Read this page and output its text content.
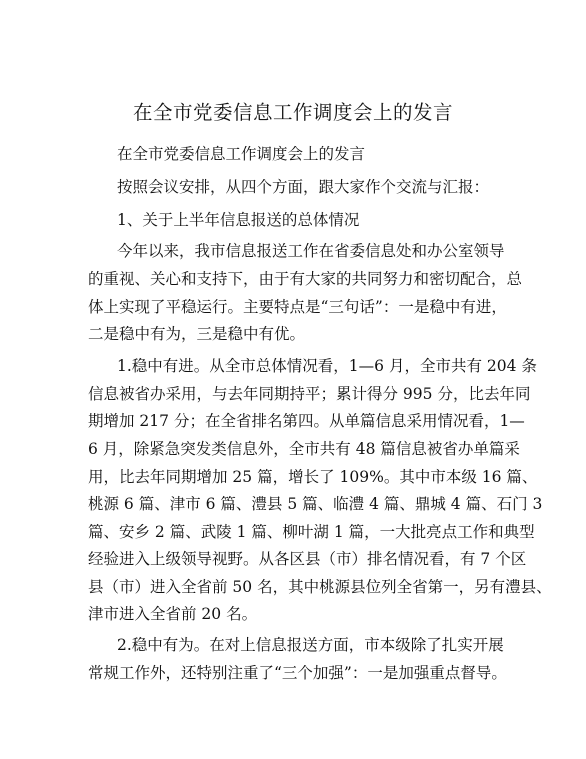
在全市党委信息工作调度会上的发言
在全市党委信息工作调度会上的发言
按照会议安排，从四个方面，跟大家作个交流与汇报：
1、关于上半年信息报送的总体情况
今年以来，我市信息报送工作在省委信息处和办公室领导
的重视、关心和支持下，由于有大家的共同努力和密切配合，总
体上实现了平稳运行。主要特点是“三句话”：一是稳中有进，
二是稳中有为，三是稳中有优。
1.稳中有进。从全市总体情况看，1—6 月，全市共有 204 条
信息被省办采用，与去年同期持平；累计得分 995 分，比去年同
期增加 217 分；在全省排名第四。从单篇信息采用情况看，1—
6 月，除紧急突发类信息外，全市共有 48 篇信息被省办单篇采
用，比去年同期增加 25 篇，增长了 109%。其中市本级 16 篇、
桃源 6 篇、津市 6 篇、澧县 5 篇、临澧 4 篇、鼎城 4 篇、石门 3
篇、安乡 2 篇、武陵 1 篇、柳叶湖 1 篇，一大批亮点工作和典型
经验进入上级领导视野。从各区县（市）排名情况看，有 7 个区
县（市）进入全省前 50 名，其中桃源县位列全省第一，另有澧县、
津市进入全省前 20 名。
2.稳中有为。在对上信息报送方面，市本级除了扎实开展
常规工作外，还特别注重了“三个加强”：一是加强重点督导。
